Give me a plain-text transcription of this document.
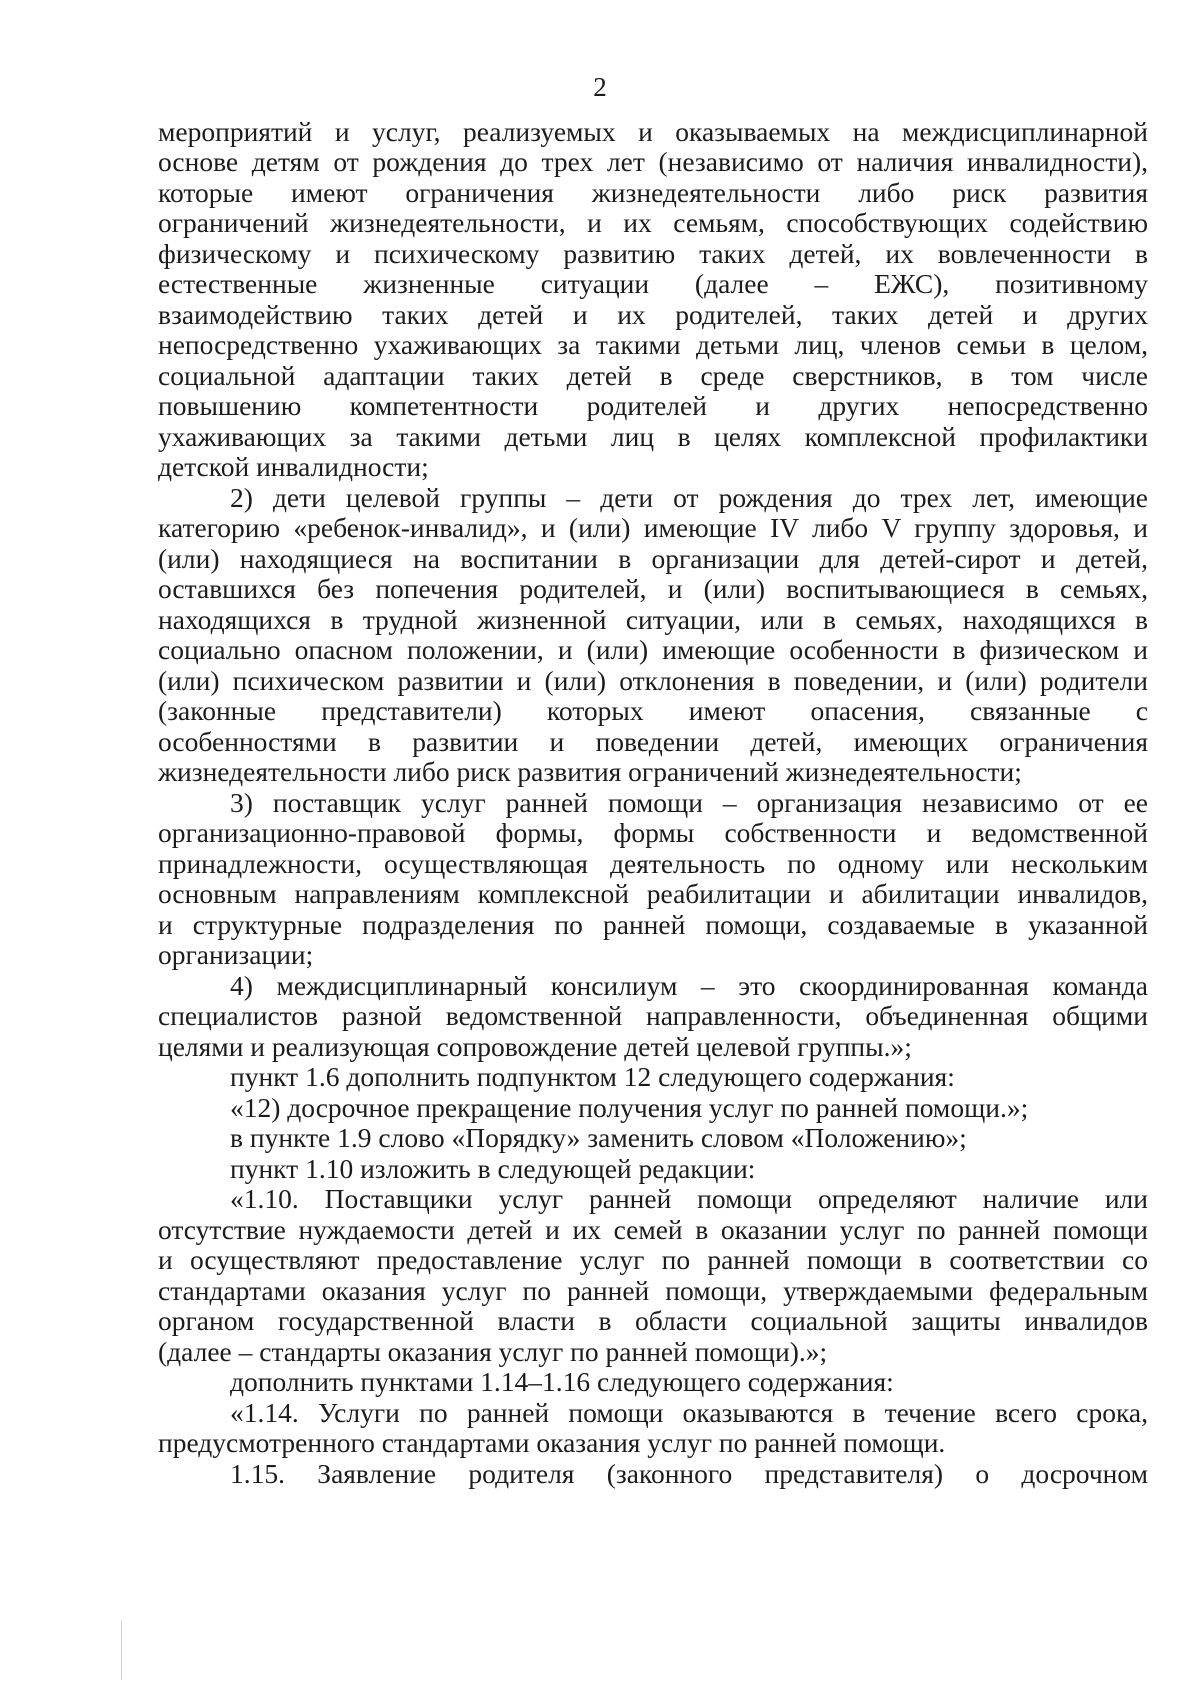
2
мероприятий и услуг, реализуемых и оказываемых на междисциплинарной
основе детям от рождения до трех лет (независимо от наличия инвалидности),
которые имеют ограничения жизнедеятельности либо риск развития
ограничений жизнедеятельности, и их семьям, способствующих содействию
физическому и психическому развитию таких детей, их вовлеченности в
естественные жизненные ситуации (далее – ЕЖС), позитивному
взаимодействию таких детей и их родителей, таких детей и других
непосредственно ухаживающих за такими детьми лиц, членов семьи в целом,
социальной адаптации таких детей в среде сверстников, в том числе
повышению компетентности родителей и других непосредственно
ухаживающих за такими детьми лиц в целях комплексной профилактики
детской инвалидности;
2) дети целевой группы – дети от рождения до трех лет, имеющие
категорию «ребенок-инвалид», и (или) имеющие IV либо V группу здоровья, и
(или) находящиеся на воспитании в организации для детей-сирот и детей,
оставшихся без попечения родителей, и (или) воспитывающиеся в семьях,
находящихся в трудной жизненной ситуации, или в семьях, находящихся в
социально опасном положении, и (или) имеющие особенности в физическом и
(или) психическом развитии и (или) отклонения в поведении, и (или) родители
(законные представители) которых имеют опасения, связанные с
особенностями в развитии и поведении детей, имеющих ограничения
жизнедеятельности либо риск развития ограничений жизнедеятельности;
3) поставщик услуг ранней помощи – организация независимо от ее
организационно-правовой формы, формы собственности и ведомственной
принадлежности, осуществляющая деятельность по одному или нескольким
основным направлениям комплексной реабилитации и абилитации инвалидов,
и структурные подразделения по ранней помощи, создаваемые в указанной
организации;
4) междисциплинарный консилиум – это скоординированная команда
специалистов разной ведомственной направленности, объединенная общими
целями и реализующая сопровождение детей целевой группы.»;
пункт 1.6 дополнить подпунктом 12 следующего содержания:
«12) досрочное прекращение получения услуг по ранней помощи.»;
в пункте 1.9 слово «Порядку» заменить словом «Положению»;
пункт 1.10 изложить в следующей редакции:
«1.10. Поставщики услуг ранней помощи определяют наличие или
отсутствие нуждаемости детей и их семей в оказании услуг по ранней помощи
и осуществляют предоставление услуг по ранней помощи в соответствии со
стандартами оказания услуг по ранней помощи, утверждаемыми федеральным
органом государственной власти в области социальной защиты инвалидов
(далее – стандарты оказания услуг по ранней помощи).»;
дополнить пунктами 1.14–1.16 следующего содержания:
«1.14. Услуги по ранней помощи оказываются в течение всего срока,
предусмотренного стандартами оказания услуг по ранней помощи.
1.15. Заявление родителя (законного представителя) о досрочном
